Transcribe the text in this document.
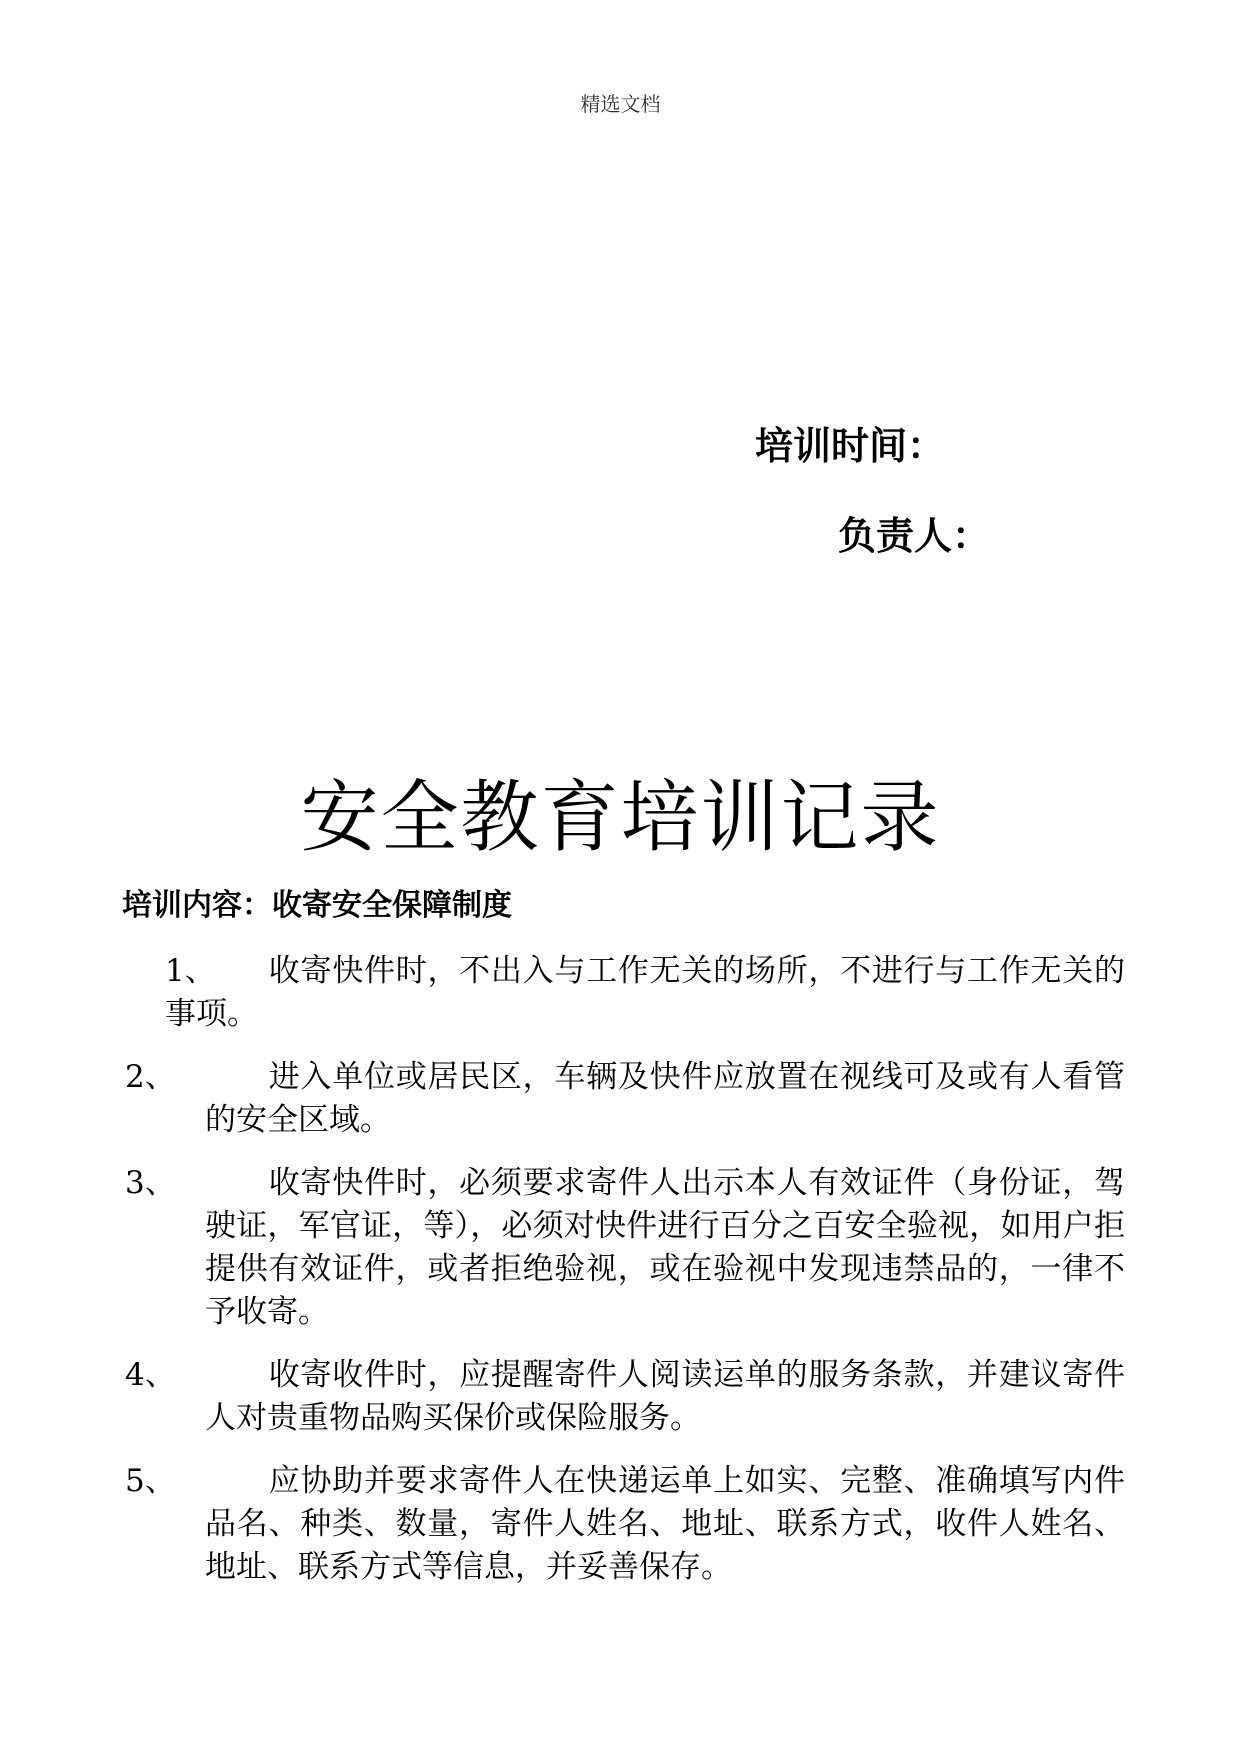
精选文档
培训时间：
负责人：
安全教育培训记录
培训内容：收寄安全保障制度
1、	收寄快件时，不出入与工作无关的场所，不进行与工作无关的事项。
2、	进入单位或居民区，车辆及快件应放置在视线可及或有人看管的安全区域。
3、	收寄快件时，必须要求寄件人出示本人有效证件（身份证，驾驶证，军官证，等），必须对快件进行百分之百安全验视，如用户拒提供有效证件，或者拒绝验视，或在验视中发现违禁品的，一律不予收寄。
4、	收寄收件时，应提醒寄件人阅读运单的服务条款，并建议寄件人对贵重物品购买保价或保险服务。
5、	应协助并要求寄件人在快递运单上如实、完整、准确填写内件品名、种类、数量，寄件人姓名、地址、联系方式，收件人姓名、地址、联系方式等信息，并妥善保存。
